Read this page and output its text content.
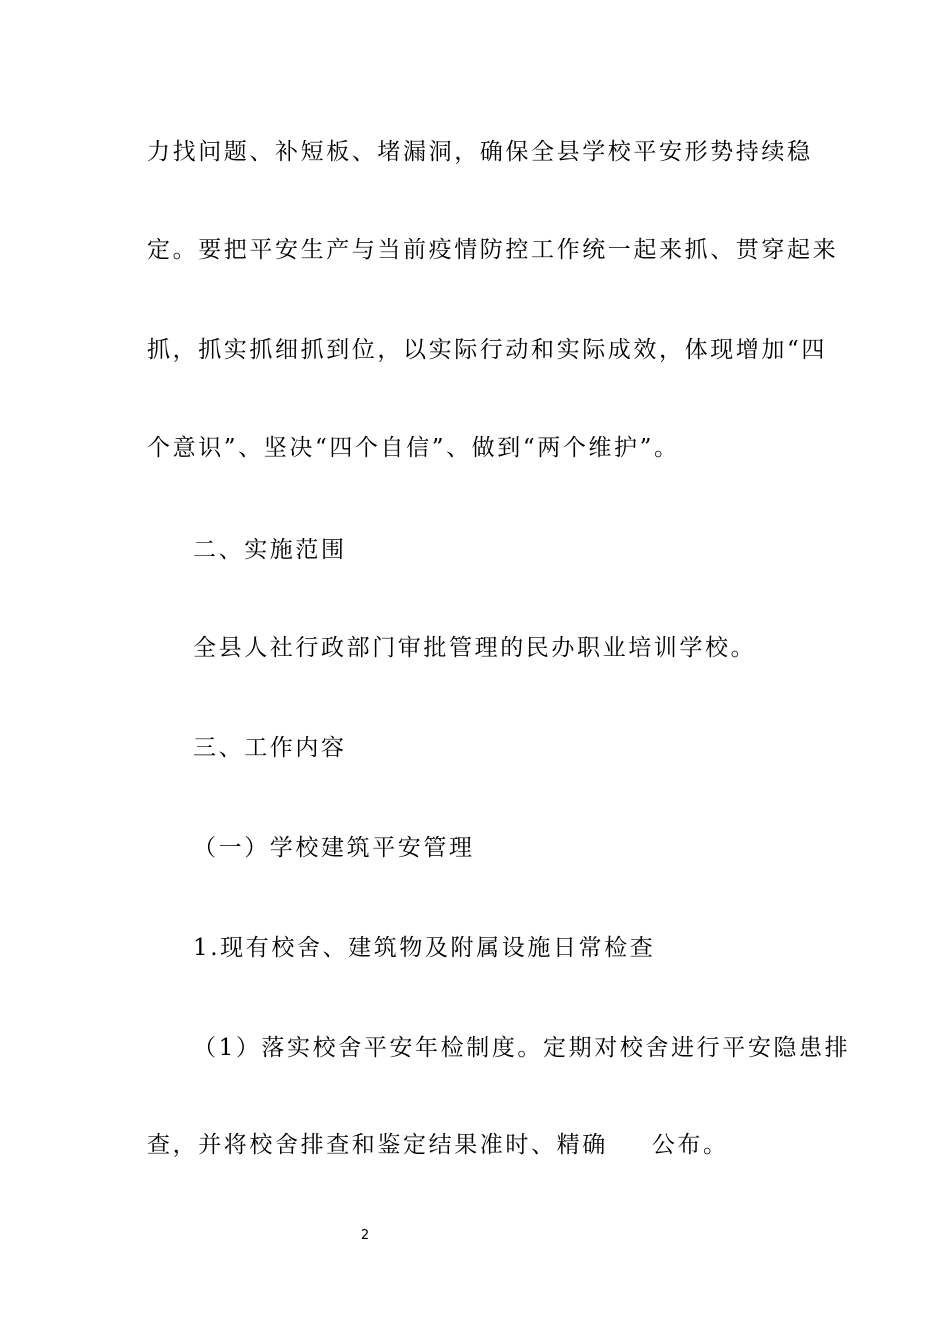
力找问题、补短板、堵漏洞，确保全县学校平安形势持续稳
定。要把平安生产与当前疫情防控工作统一起来抓、贯穿起来
抓，抓实抓细抓到位，以实际行动和实际成效，体现增加“四
个意识”、坚决“四个自信”、做到“两个维护”。
二、实施范围
全县人社行政部门审批管理的民办职业培训学校。
三、工作内容
（一）学校建筑平安管理
1.现有校舍、建筑物及附属设施日常检查
（1）落实校舍平安年检制度。定期对校舍进行平安隐患排
查，并将校舍排查和鉴定结果准时、精确 公布。
2
